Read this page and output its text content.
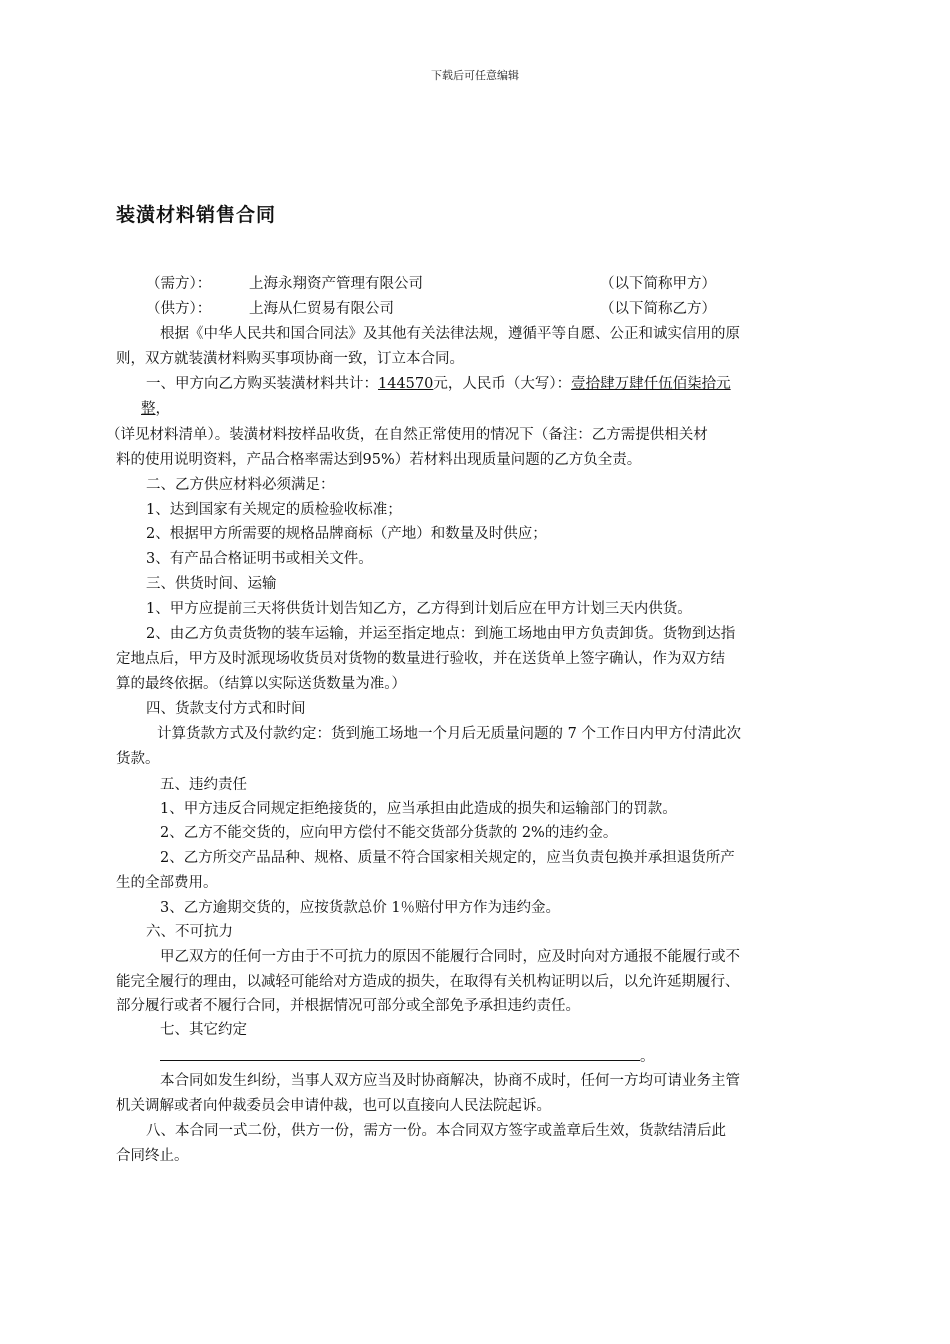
下载后可任意编辑
装潢材料销售合同
（需方）：	上海永翔资产管理有限公司	（以下简称甲方）
（供方）：	上海从仁贸易有限公司	（以下简称乙方）
根据《中华人民共和国合同法》及其他有关法律法规，遵循平等自愿、公正和诚实信用的原
则，双方就装潢材料购买事项协商一致，订立本合同。
一、甲方向乙方购买装潢材料共计：144570元，人民币（大写）：壹拾肆万肆仟伍佰柒拾元
整，
（详见材料清单）。装潢材料按样品收货，在自然正常使用的情况下（备注：乙方需提供相关材
料的使用说明资料，产品合格率需达到95%）若材料出现质量问题的乙方负全责。
二、乙方供应材料必须满足：
1、达到国家有关规定的质检验收标准；
2、根据甲方所需要的规格品牌商标（产地）和数量及时供应；
3、有产品合格证明书或相关文件。
三、供货时间、运输
1、甲方应提前三天将供货计划告知乙方，乙方得到计划后应在甲方计划三天内供货。
2、由乙方负责货物的装车运输，并运至指定地点：到施工场地由甲方负责卸货。货物到达指
定地点后，甲方及时派现场收货员对货物的数量进行验收，并在送货单上签字确认，作为双方结
算的最终依据。（结算以实际送货数量为准。）
四、货款支付方式和时间
计算货款方式及付款约定：货到施工场地一个月后无质量问题的 7 个工作日内甲方付清此次
货款。
五、违约责任
1、甲方违反合同规定拒绝接货的，应当承担由此造成的损失和运输部门的罚款。
2、乙方不能交货的，应向甲方偿付不能交货部分货款的 2%的违约金。
2、乙方所交产品品种、规格、质量不符合国家相关规定的，应当负责包换并承担退货所产
生的全部费用。
3、乙方逾期交货的，应按货款总价 1％赔付甲方作为违约金。
六、不可抗力
甲乙双方的任何一方由于不可抗力的原因不能履行合同时，应及时向对方通报不能履行或不
能完全履行的理由，以减轻可能给对方造成的损失，在取得有关机构证明以后，以允许延期履行、
部分履行或者不履行合同，并根据情况可部分或全部免予承担违约责任。
七、其它约定
。
本合同如发生纠纷，当事人双方应当及时协商解决，协商不成时，任何一方均可请业务主管
机关调解或者向仲裁委员会申请仲裁，也可以直接向人民法院起诉。
八、本合同一式二份，供方一份，需方一份。本合同双方签字或盖章后生效，货款结清后此
合同终止。
